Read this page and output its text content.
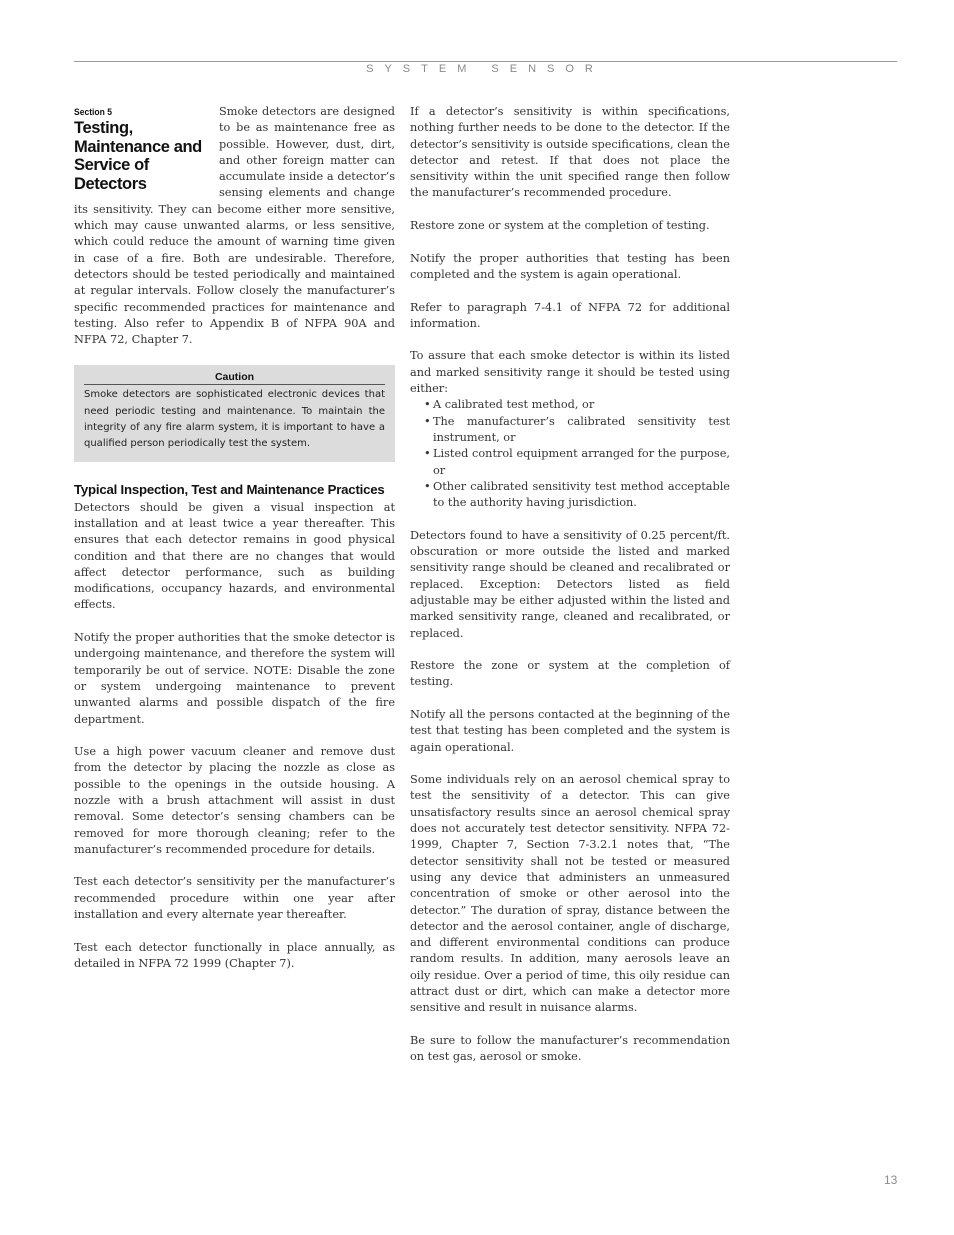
SYSTEM SENSOR
Section 5
Testing, Maintenance and Service of Detectors

Smoke detectors are designed to be as maintenance free as possible. However, dust, dirt, and other foreign matter can accumulate inside a detector’s sensing elements and change its sensitivity. They can become either more sensitive, which may cause unwanted alarms, or less sensitive, which could reduce the amount of warning time given in case of a fire. Both are undesirable. Therefore, detectors should be tested periodically and maintained at regular intervals. Follow closely the manufacturer’s specific recommended practices for maintenance and testing. Also refer to Appendix B of NFPA 90A and NFPA 72, Chapter 7.

Caution

Smoke detectors are sophisticated electronic devices that need periodic testing and maintenance. To maintain the integrity of any fire alarm system, it is important to have a qualified person periodically test the system.

Typical Inspection, Test and Maintenance Practices

Detectors should be given a visual inspection at installation and at least twice a year thereafter. This ensures that each detector remains in good physical condition and that there are no changes that would affect detector performance, such as building modifications, occupancy hazards, and environmental effects.

Notify the proper authorities that the smoke detector is undergoing maintenance, and therefore the system will temporarily be out of service. NOTE: Disable the zone or system undergoing maintenance to prevent unwanted alarms and possible dispatch of the fire department.

Use a high power vacuum cleaner and remove dust from the detector by placing the nozzle as close as possible to the openings in the outside housing. A nozzle with a brush attachment will assist in dust removal. Some detector’s sensing chambers can be removed for more thorough cleaning; refer to the manufacturer’s recommended procedure for details.

Test each detector’s sensitivity per the manufacturer’s recommended procedure within one year after installation and every alternate year thereafter.

Test each detector functionally in place annually, as detailed in NFPA 72 1999 (Chapter 7).

If a detector’s sensitivity is within specifications, nothing further needs to be done to the detector. If the detector’s sensitivity is outside specifications, clean the detector and retest. If that does not place the sensitivity within the unit specified range then follow the manufacturer’s recommended procedure.

Restore zone or system at the completion of testing.

Notify the proper authorities that testing has been completed and the system is again operational.

Refer to paragraph 7-4.1 of NFPA 72 for additional information.

To assure that each smoke detector is within its listed and marked sensitivity range it should be tested using either:

• A calibrated test method, or
• The manufacturer’s calibrated sensitivity test instrument, or
• Listed control equipment arranged for the purpose, or
• Other calibrated sensitivity test method acceptable to the authority having jurisdiction.

Detectors found to have a sensitivity of 0.25 percent/ft. obscuration or more outside the listed and marked sensitivity range should be cleaned and recalibrated or replaced. Exception: Detectors listed as field adjustable may be either adjusted within the listed and marked sensitivity range, cleaned and recalibrated, or replaced.

Restore the zone or system at the completion of testing.

Notify all the persons contacted at the beginning of the test that testing has been completed and the system is again operational.

Some individuals rely on an aerosol chemical spray to test the sensitivity of a detector. This can give unsatisfactory results since an aerosol chemical spray does not accurately test detector sensitivity. NFPA 72-1999, Chapter 7, Section 7-3.2.1 notes that, “The detector sensitivity shall not be tested or measured using any device that administers an unmeasured concentration of smoke or other aerosol into the detector.” The duration of spray, distance between the detector and the aerosol container, angle of discharge, and different environmental conditions can produce random results. In addition, many aerosols leave an oily residue. Over a period of time, this oily residue can attract dust or dirt, which can make a detector more sensitive and result in nuisance alarms.

Be sure to follow the manufacturer’s recommendation on test gas, aerosol or smoke.

13
